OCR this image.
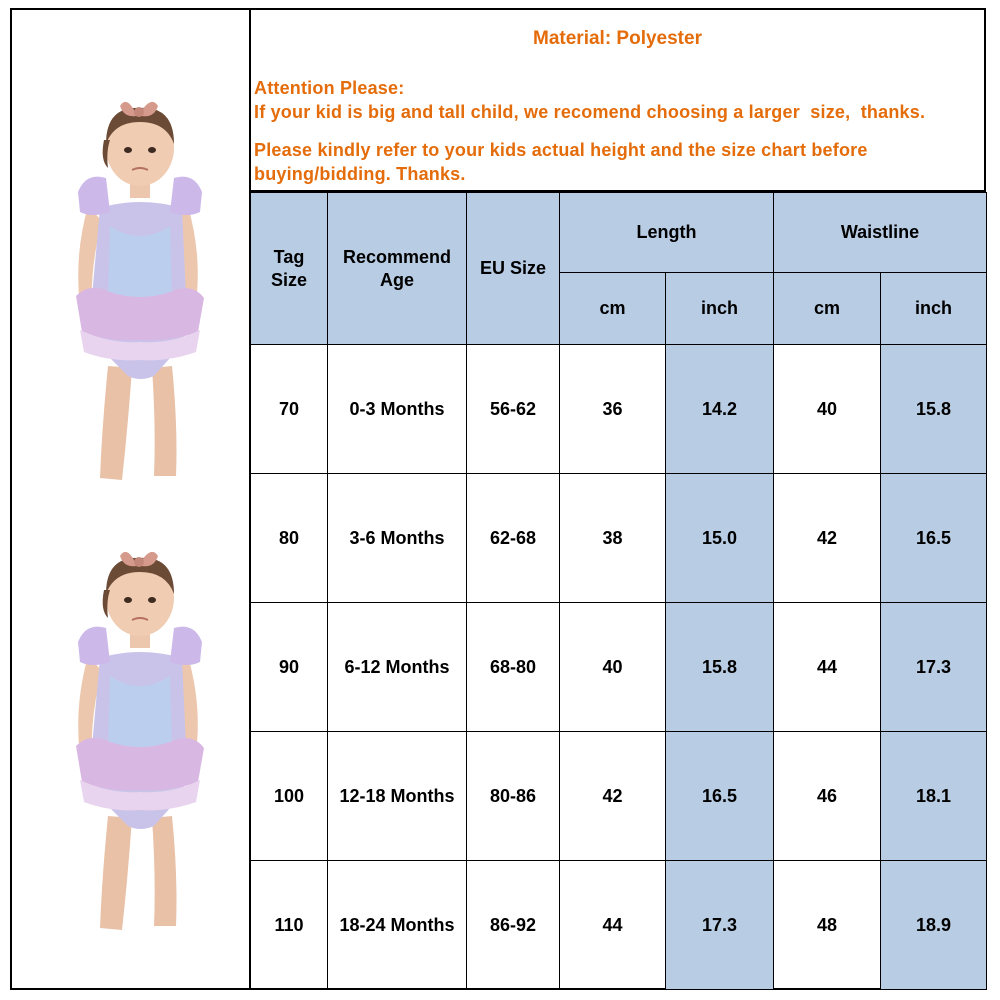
Material: Polyester
Attention Please:
If your kid is big and tall child, we recomend choosing a larger  size,  thanks.
Please kindly refer to your kids actual height and the size chart before
buying/bidding. Thanks.
Tag Size	Recommend Age	EU Size	Length		Waistline	
			cm	inch	cm	inch
70	0-3 Months	56-62	36	14.2	40	15.8
80	3-6 Months	62-68	38	15.0	42	16.5
90	6-12 Months	68-80	40	15.8	44	17.3
100	12-18 Months	80-86	42	16.5	46	18.1
110	18-24 Months	86-92	44	17.3	48	18.9
